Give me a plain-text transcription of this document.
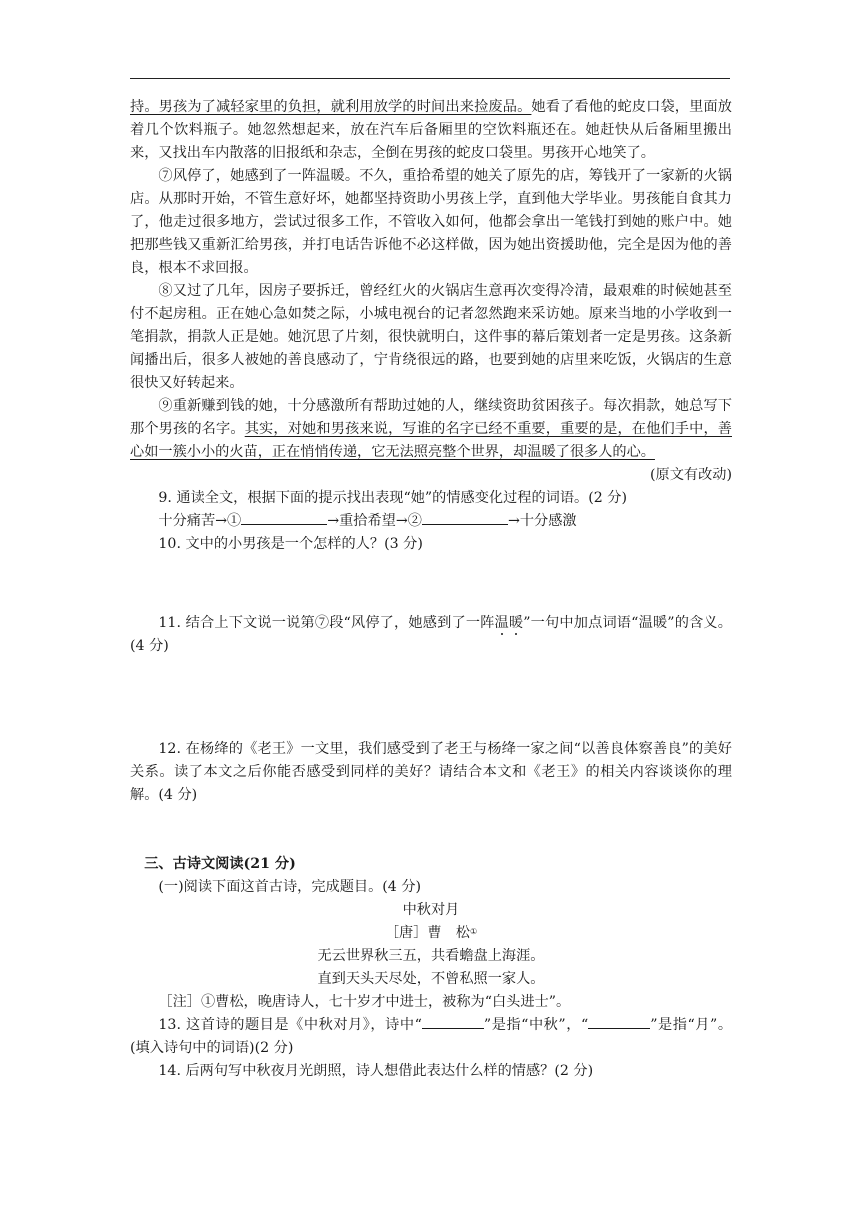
持。男孩为了减轻家里的负担，就利用放学的时间出来捡废品。她看了看他的蛇皮口袋，里面放着几个饮料瓶子。她忽然想起来，放在汽车后备厢里的空饮料瓶还在。她赶快从后备厢里搬出来，又找出车内散落的旧报纸和杂志，全倒在男孩的蛇皮口袋里。男孩开心地笑了。

⑦风停了，她感到了一阵温暖。不久，重拾希望的她关了原先的店，筹钱开了一家新的火锅店。从那时开始，不管生意好坏，她都坚持资助小男孩上学，直到他大学毕业。男孩能自食其力了，他走过很多地方，尝试过很多工作，不管收入如何，他都会拿出一笔钱打到她的账户中。她把那些钱又重新汇给男孩，并打电话告诉他不必这样做，因为她出资援助他，完全是因为他的善良，根本不求回报。

⑧又过了几年，因房子要拆迁，曾经红火的火锅店生意再次变得冷清，最艰难的时候她甚至付不起房租。正在她心急如焚之际，小城电视台的记者忽然跑来采访她。原来当地的小学收到一笔捐款，捐款人正是她。她沉思了片刻，很快就明白，这件事的幕后策划者一定是男孩。这条新闻播出后，很多人被她的善良感动了，宁肯绕很远的路，也要到她的店里来吃饭，火锅店的生意很快又好转起来。

⑨重新赚到钱的她，十分感激所有帮助过她的人，继续资助贫困孩子。每次捐款，她总写下那个男孩的名字。其实，对她和男孩来说，写谁的名字已经不重要，重要的是，在他们手中，善心如一簇小小的火苗，正在悄悄传递，它无法照亮整个世界，却温暖了很多人的心。

(原文有改动)

9. 通读全文，根据下面的提示找出表现“她”的情感变化过程的词语。(2 分)

十分痛苦→①	→重拾希望→②	→十分感激

10. 文中的小男孩是一个怎样的人？(3 分)

11. 结合上下文说一说第⑦段“风停了，她感到了一阵温暖”一句中加点词语“温暖”的含义。(4 分)

12. 在杨绛的《老王》一文里，我们感受到了老王与杨绛一家之间“以善良体察善良”的美好关系。读了本文之后你能否感受到同样的美好？请结合本文和《老王》的相关内容谈谈你的理解。(4 分)

三、古诗文阅读(21 分)

(一)阅读下面这首古诗，完成题目。(4 分)

中秋对月

［唐］曹　松①

无云世界秋三五，共看蟾盘上海涯。

直到天头天尽处，不曾私照一家人。

［注］①曹松，晚唐诗人，七十岁才中进士，被称为“白头进士”。

13. 这首诗的题目是《中秋对月》，诗中“	”是指“中秋”，“	”是指“月”。(填入诗句中的词语)(2 分)

14. 后两句写中秋夜月光朗照，诗人想借此表达什么样的情感？(2 分)
